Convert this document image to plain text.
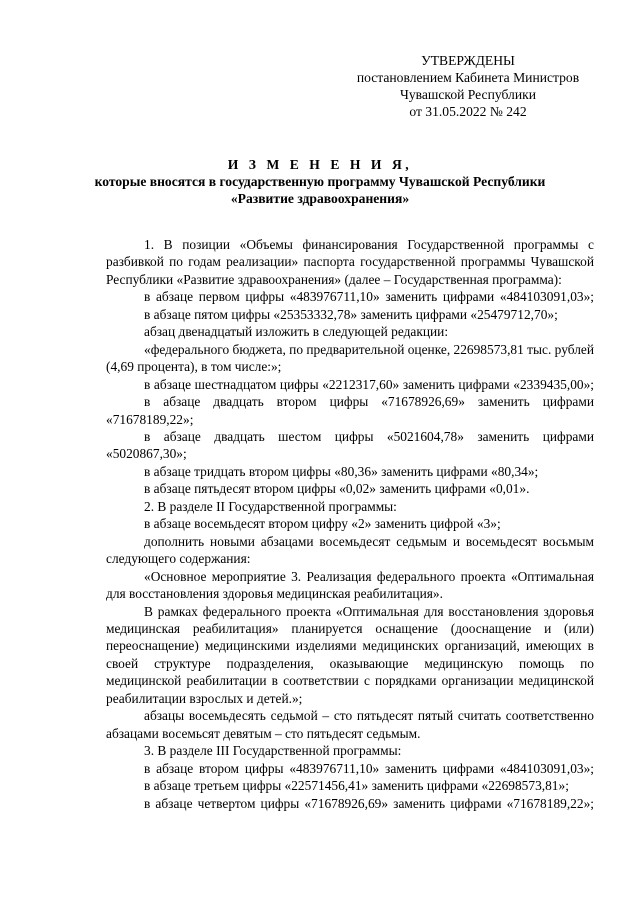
УТВЕРЖДЕНЫ
постановлением Кабинета Министров
Чувашской Республики
от 31.05.2022 № 242
И З М Е Н Е Н И Я,
которые вносятся в государственную программу Чувашской Республики
«Развитие здравоохранения»

1. В позиции «Объемы финансирования Государственной программы с разбивкой по годам реализации» паспорта государственной программы Чувашской Республики «Развитие здравоохранения» (далее – Государственная программа):

в абзаце первом цифры «483976711,10» заменить цифрами «484103091,03»;

в абзаце пятом цифры «25353332,78» заменить цифрами «25479712,70»;

абзац двенадцатый изложить в следующей редакции:

«федерального бюджета, по предварительной оценке, 22698573,81 тыс. рублей (4,69 процента), в том числе:»;

в абзаце шестнадцатом цифры «2212317,60» заменить цифрами «2339435,00»;

в абзаце двадцать втором цифры «71678926,69» заменить цифрами «71678189,22»;

в абзаце двадцать шестом цифры «5021604,78» заменить цифрами «5020867,30»;

в абзаце тридцать втором цифры «80,36» заменить цифрами «80,34»;

в абзаце пятьдесят втором цифры «0,02» заменить цифрами «0,01».

2. В разделе II Государственной программы:

в абзаце восемьдесят втором цифру «2» заменить цифрой «3»;

дополнить новыми абзацами восемьдесят седьмым и восемьдесят восьмым следующего содержания:

«Основное мероприятие 3. Реализация федерального проекта «Оптимальная для восстановления здоровья медицинская реабилитация».

В рамках федерального проекта «Оптимальная для восстановления здоровья медицинская реабилитация» планируется оснащение (дооснащение и (или) переоснащение) медицинскими изделиями медицинских организаций, имеющих в своей структуре подразделения, оказывающие медицинскую помощь по медицинской реабилитации в соответствии с порядками организации медицинской реабилитации взрослых и детей.»;

абзацы восемьдесять седьмой – сто пятьдесят пятый считать соответственно абзацами восемьсят девятым – сто пятьдесят седьмым.

3. В разделе III Государственной программы:

в абзаце втором цифры «483976711,10» заменить цифрами «484103091,03»;

в абзаце третьем цифры «22571456,41» заменить цифрами «22698573,81»;

в абзаце четвертом цифры «71678926,69» заменить цифрами «71678189,22»;
